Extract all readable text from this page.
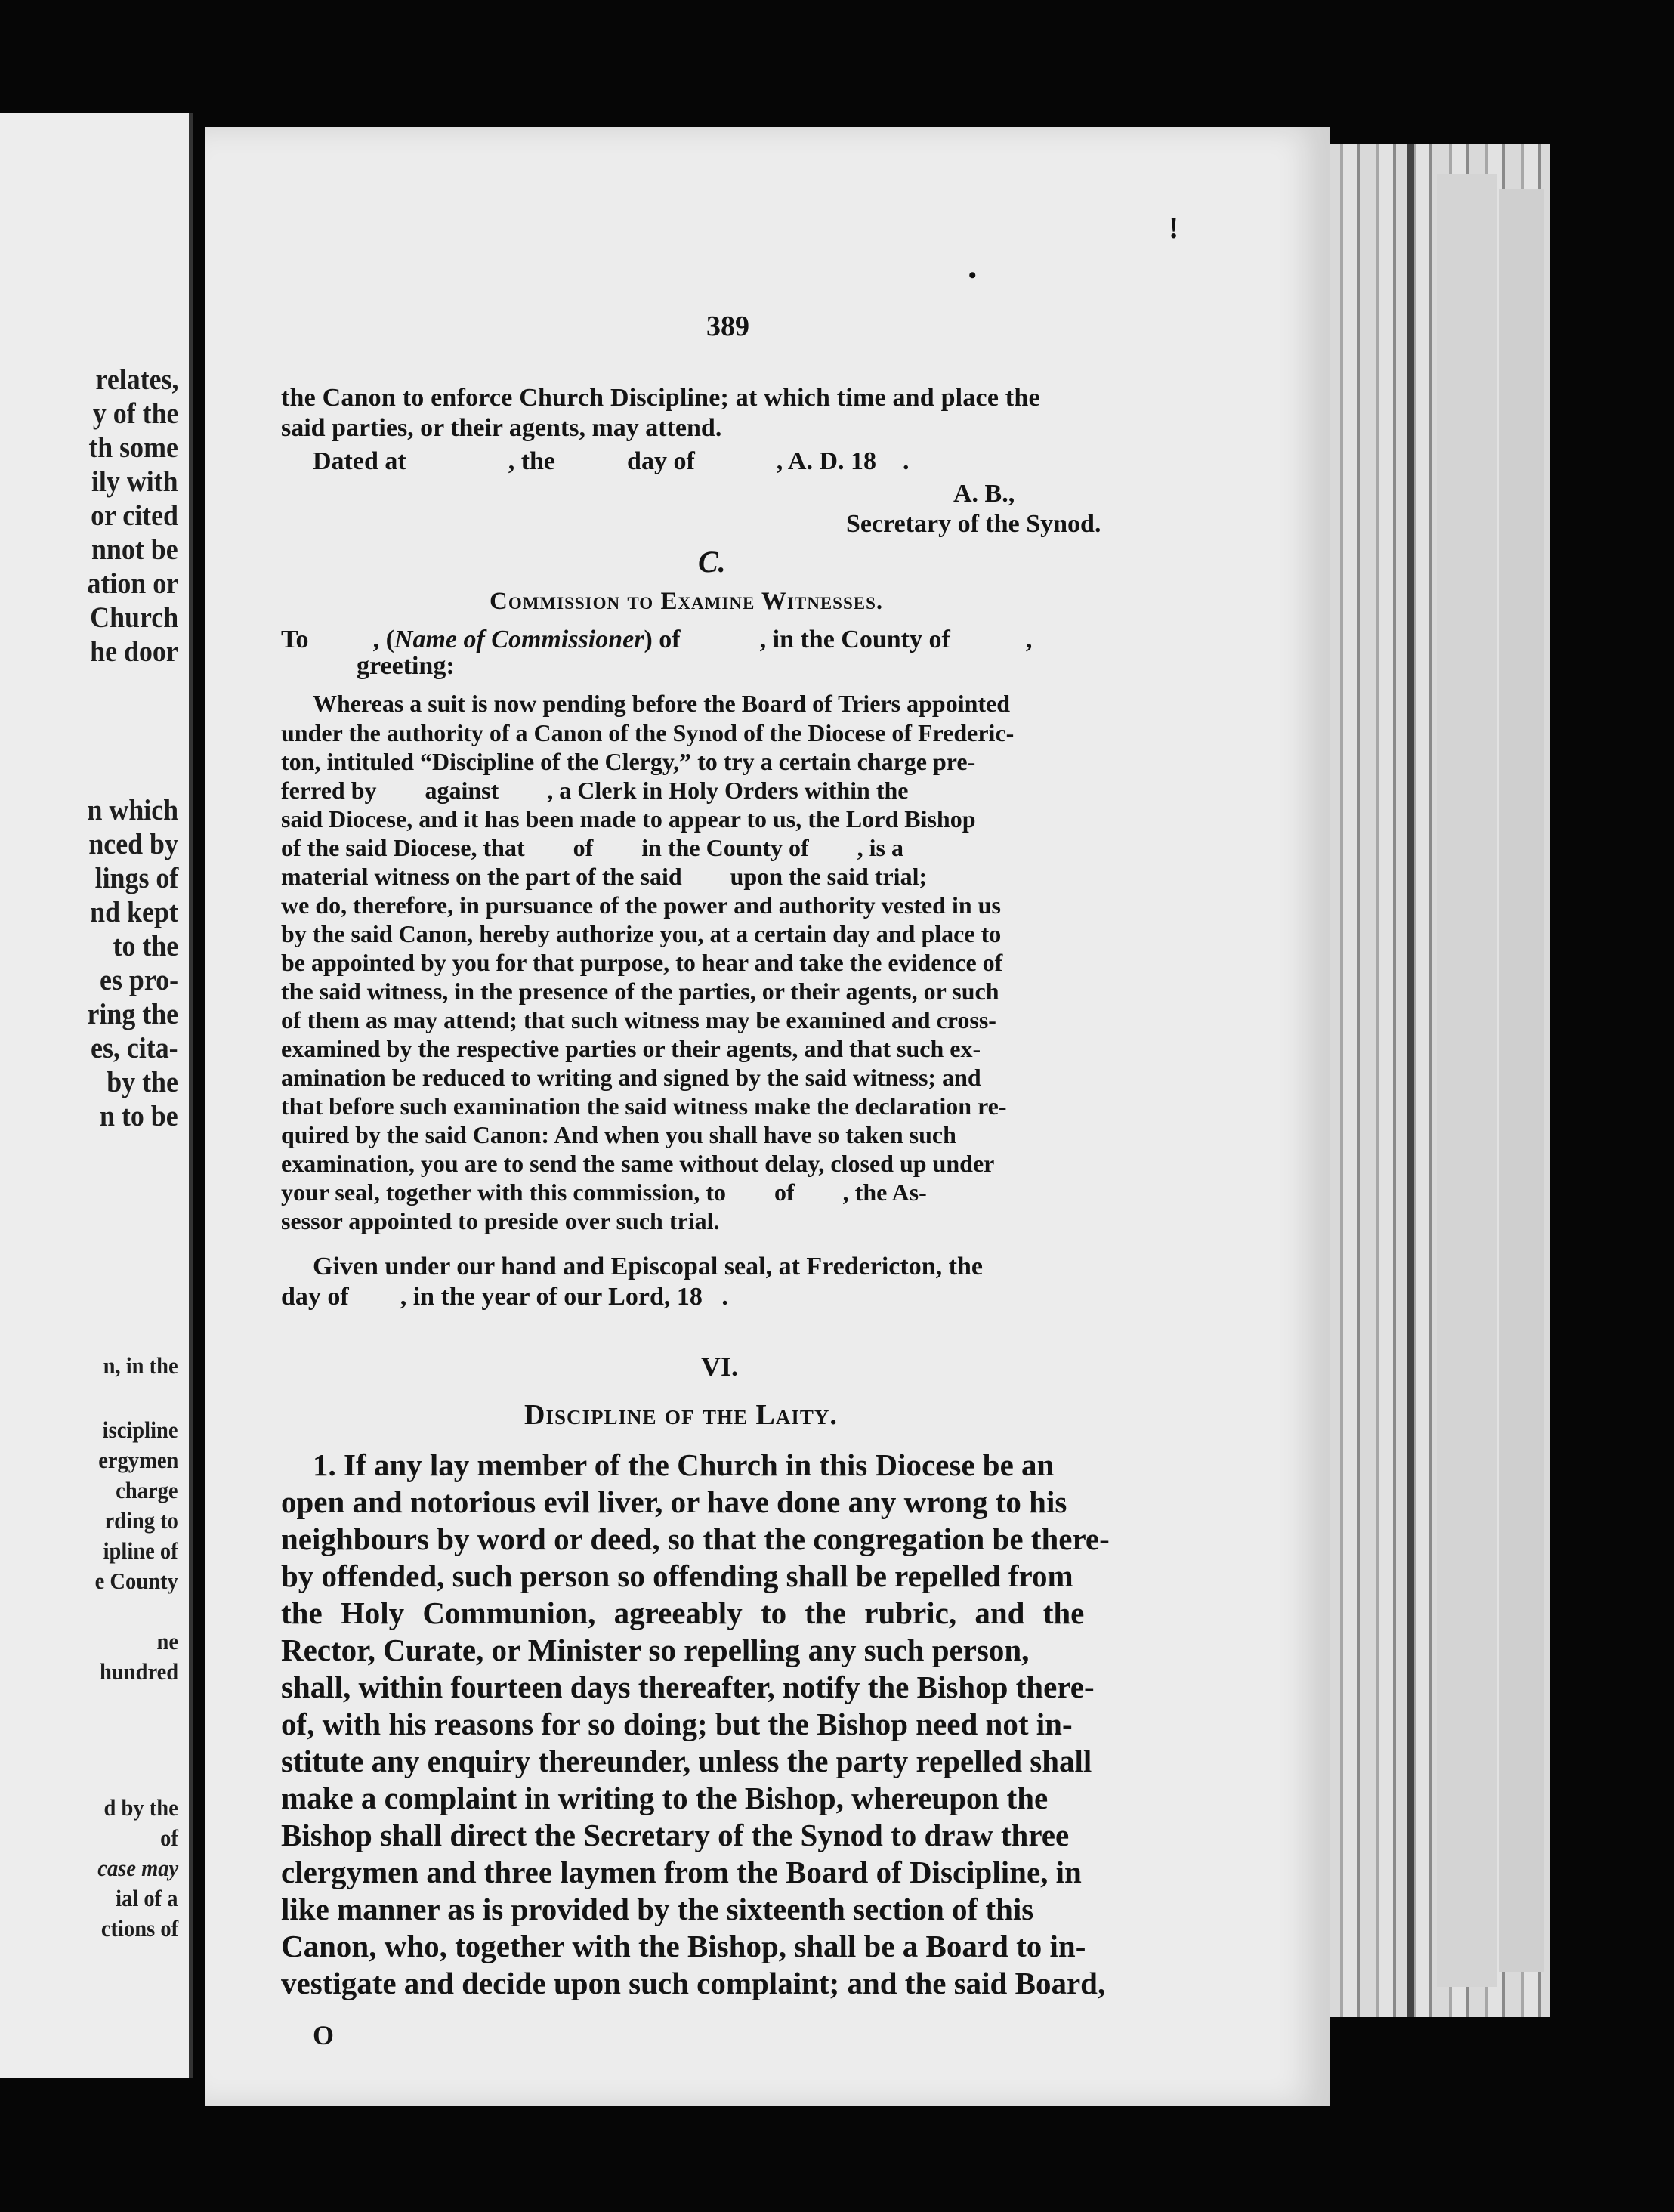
relates,
y of the
th some
ily with
or cited
nnot be
ation or
Church
he door
n which
nced by
lings of
nd kept
to the
es pro-
ring the
es, cita-
by the
n to be
n, in the
iscipline
ergymen
charge
rding to
ipline of
e County
ne
hundred
d by the
of
case may
ial of a
ctions of
389
the Canon to enforce Church Discipline; at which time and place the
said parties, or their agents, may attend.
Dated at	, the	day of	, A. D. 18 .
A. B.,
Secretary of the Synod.
C.
Commission to Examine Witnesses.
To	, (Name of Commissioner) of	, in the County of	,
greeting:
Whereas a suit is now pending before the Board of Triers appointed
under the authority of a Canon of the Synod of the Diocese of Frederic-
ton, intituled “Discipline of the Clergy,” to try a certain charge pre-
ferred by        against        , a Clerk in Holy Orders within the
said Diocese, and it has been made to appear to us, the Lord Bishop
of the said Diocese, that        of        in the County of        , is a
material witness on the part of the said        upon the said trial;
we do, therefore, in pursuance of the power and authority vested in us
by the said Canon, hereby authorize you, at a certain day and place to
be appointed by you for that purpose, to hear and take the evidence of
the said witness, in the presence of the parties, or their agents, or such
of them as may attend; that such witness may be examined and cross-
examined by the respective parties or their agents, and that such ex-
amination be reduced to writing and signed by the said witness; and
that before such examination the said witness make the declaration re-
quired by the said Canon: And when you shall have so taken such
examination, you are to send the same without delay, closed up under
your seal, together with this commission, to        of        , the As-
sessor appointed to preside over such trial.
Given under our hand and Episcopal seal, at Fredericton, the
day of        , in the year of our Lord, 18   .
VI.
Discipline of the Laity.
1. If any lay member of the Church in this Diocese be an
open and notorious evil liver, or have done any wrong to his
neighbours by word or deed, so that the congregation be there-
by offended, such person so offending shall be repelled from
the Holy Communion, agreeably to the rubric, and the
Rector, Curate, or Minister so repelling any such person,
shall, within fourteen days thereafter, notify the Bishop there-
of, with his reasons for so doing; but the Bishop need not in-
stitute any enquiry thereunder, unless the party repelled shall
make a complaint in writing to the Bishop, whereupon the
Bishop shall direct the Secretary of the Synod to draw three
clergymen and three laymen from the Board of Discipline, in
like manner as is provided by the sixteenth section of this
Canon, who, together with the Bishop, shall be a Board to in-
vestigate and decide upon such complaint; and the said Board,
O
•
!
